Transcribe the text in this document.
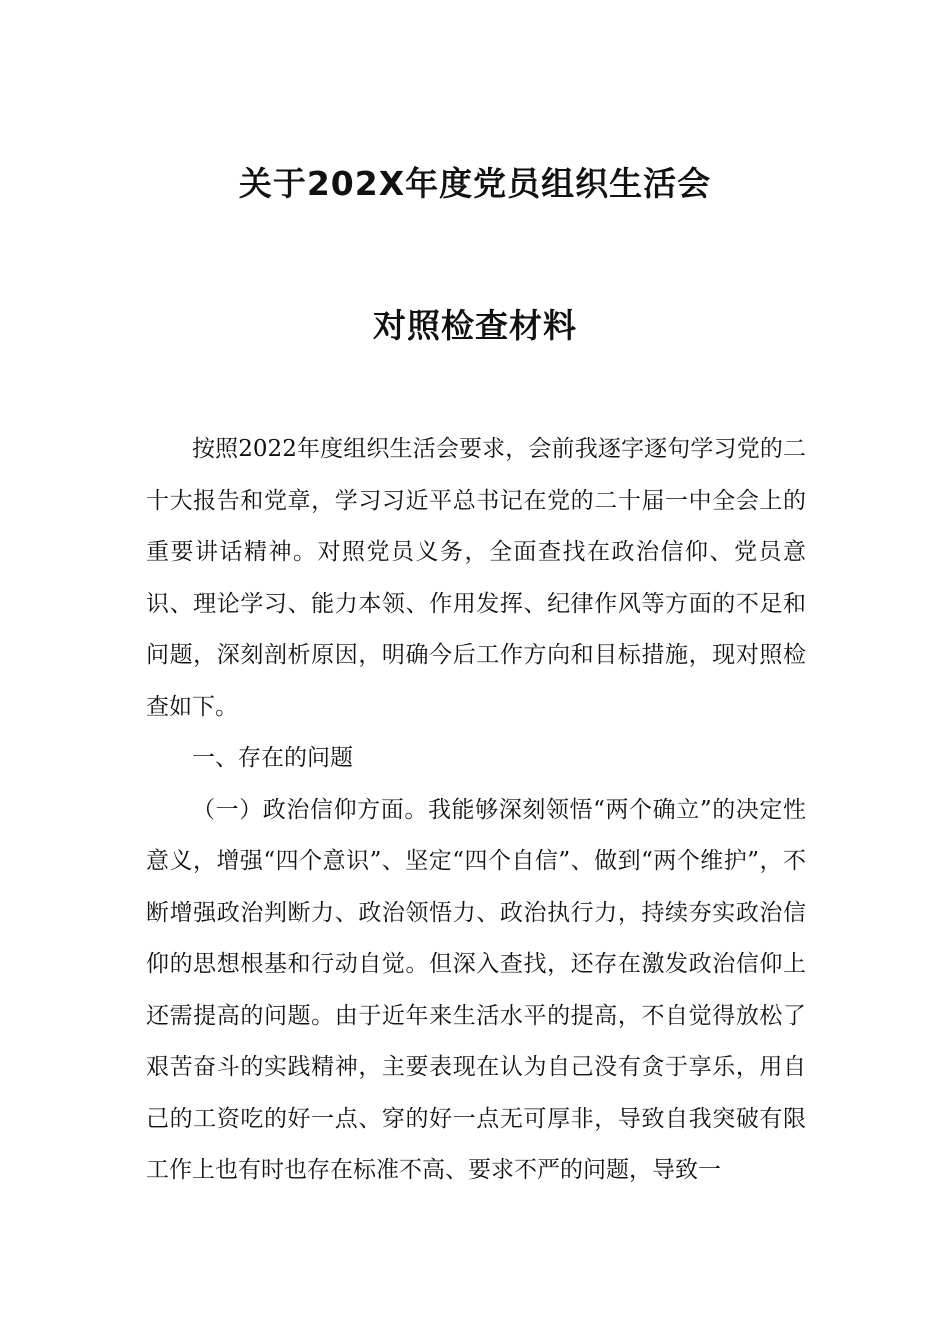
关于202X年度党员组织生活会
对照检查材料

按照2022年度组织生活会要求，会前我逐字逐句学习党的二十大报告和党章，学习习近平总书记在党的二十届一中全会上的重要讲话精神。对照党员义务，全面查找在政治信仰、党员意识、理论学习、能力本领、作用发挥、纪律作风等方面的不足和问题，深刻剖析原因，明确今后工作方向和目标措施，现对照检查如下。

一、存在的问题

（一）政治信仰方面。我能够深刻领悟“两个确立”的决定性意义，增强“四个意识”、坚定“四个自信”、做到“两个维护”，不断增强政治判断力、政治领悟力、政治执行力，持续夯实政治信仰的思想根基和行动自觉。但深入查找，还存在激发政治信仰上还需提高的问题。由于近年来生活水平的提高，不自觉得放松了艰苦奋斗的实践精神，主要表现在认为自己没有贪于享乐，用自己的工资吃的好一点、穿的好一点无可厚非，导致自我突破有限工作上也有时也存在标准不高、要求不严的问题，导致一
